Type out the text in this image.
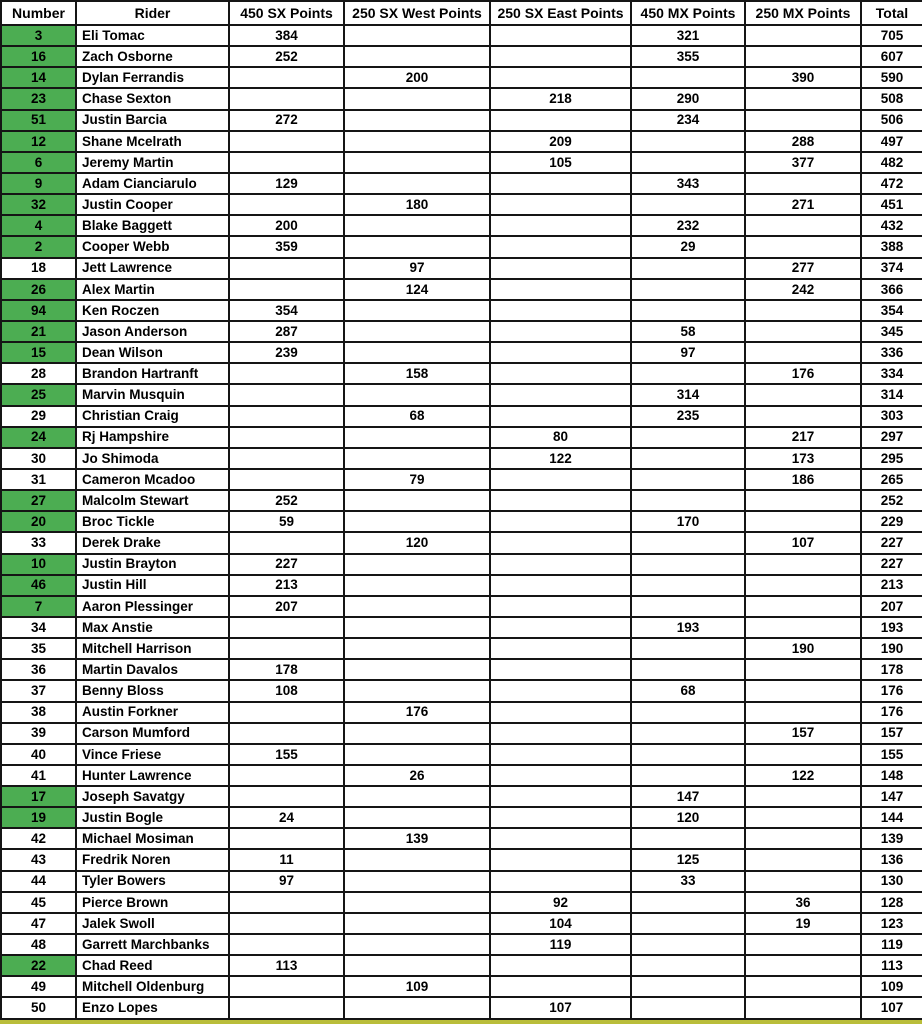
Number	Rider	450 SX Points	250 SX West Points	250 SX East Points	450 MX Points	250 MX Points	Total
3	Eli Tomac	384			321		705
16	Zach Osborne	252			355		607
14	Dylan Ferrandis		200			390	590
23	Chase Sexton			218	290		508
51	Justin Barcia	272			234		506
12	Shane Mcelrath			209		288	497
6	Jeremy Martin			105		377	482
9	Adam Cianciarulo	129			343		472
32	Justin Cooper		180			271	451
4	Blake Baggett	200			232		432
2	Cooper Webb	359			29		388
18	Jett Lawrence		97			277	374
26	Alex Martin		124			242	366
94	Ken Roczen	354					354
21	Jason Anderson	287			58		345
15	Dean Wilson	239			97		336
28	Brandon Hartranft		158			176	334
25	Marvin Musquin				314		314
29	Christian Craig		68		235		303
24	Rj Hampshire			80		217	297
30	Jo Shimoda			122		173	295
31	Cameron Mcadoo		79			186	265
27	Malcolm Stewart	252					252
20	Broc Tickle	59			170		229
33	Derek Drake		120			107	227
10	Justin Brayton	227					227
46	Justin Hill	213					213
7	Aaron Plessinger	207					207
34	Max Anstie				193		193
35	Mitchell Harrison					190	190
36	Martin Davalos	178					178
37	Benny Bloss	108			68		176
38	Austin Forkner		176				176
39	Carson Mumford					157	157
40	Vince Friese	155					155
41	Hunter Lawrence		26			122	148
17	Joseph Savatgy				147		147
19	Justin Bogle	24			120		144
42	Michael Mosiman		139				139
43	Fredrik Noren	11			125		136
44	Tyler Bowers	97			33		130
45	Pierce Brown			92		36	128
47	Jalek Swoll			104		19	123
48	Garrett Marchbanks			119			119
22	Chad Reed	113					113
49	Mitchell Oldenburg		109				109
50	Enzo Lopes			107			107
